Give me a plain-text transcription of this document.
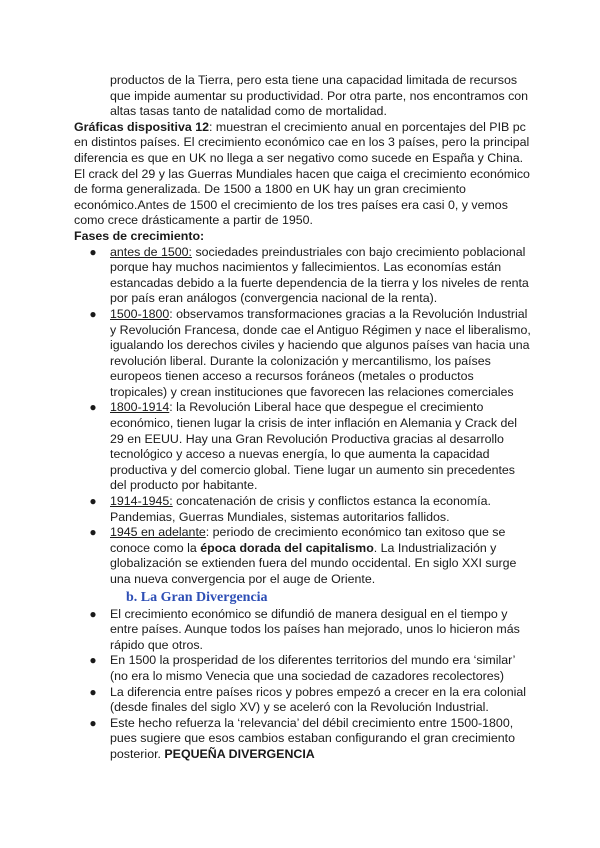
productos de la Tierra, pero esta tiene una capacidad limitada de recursos que impide aumentar su productividad. Por otra parte, nos encontramos con altas tasas tanto de natalidad como de mortalidad.

Gráficas dispositiva 12: muestran el crecimiento anual en porcentajes del PIB pc en distintos países. El crecimiento económico cae en los 3 países, pero la principal diferencia es que en UK no llega a ser negativo como sucede en España y China. El crack del 29 y las Guerras Mundiales hacen que caiga el crecimiento económico de forma generalizada. De 1500 a 1800 en UK hay un gran crecimiento económico.Antes de 1500 el crecimiento de los tres países era casi 0, y vemos como crece drásticamente a partir de 1950.

Fases de crecimiento:

● antes de 1500: sociedades preindustriales con bajo crecimiento poblacional porque hay muchos nacimientos y fallecimientos. Las economías están estancadas debido a la fuerte dependencia de la tierra y los niveles de renta por país eran análogos (convergencia nacional de la renta).
● 1500-1800: observamos transformaciones gracias a la Revolución Industrial y Revolución Francesa, donde cae el Antiguo Régimen y nace el liberalismo, igualando los derechos civiles y haciendo que algunos países van hacia una revolución liberal. Durante la colonización y mercantilismo, los países europeos tienen acceso a recursos foráneos (metales o productos tropicales) y crean instituciones que favorecen las relaciones comerciales
● 1800-1914: la Revolución Liberal hace que despegue el crecimiento económico, tienen lugar la crisis de inter inflación en Alemania y Crack del 29 en EEUU. Hay una Gran Revolución Productiva gracias al desarrollo tecnológico y acceso a nuevas energía, lo que aumenta la capacidad productiva y del comercio global. Tiene lugar un aumento sin precedentes del producto por habitante.
● 1914-1945: concatenación de crisis y conflictos estanca la economía. Pandemias, Guerras Mundiales, sistemas autoritarios fallidos.
● 1945 en adelante: periodo de crecimiento económico tan exitoso que se conoce como la época dorada del capitalismo. La Industrialización y globalización se extienden fuera del mundo occidental. En siglo XXI surge una nueva convergencia por el auge de Oriente.
b. La Gran Divergencia
● El crecimiento económico se difundió de manera desigual en el tiempo y entre países. Aunque todos los países han mejorado, unos lo hicieron más rápido que otros.
● En 1500 la prosperidad de los diferentes territorios del mundo era ‘similar’ (no era lo mismo Venecia que una sociedad de cazadores recolectores)
● La diferencia entre países ricos y pobres empezó a crecer en la era colonial (desde finales del siglo XV) y se aceleró con la Revolución Industrial.
● Este hecho refuerza la ‘relevancia’ del débil crecimiento entre 1500-1800, pues sugiere que esos cambios estaban configurando el gran crecimiento posterior. PEQUEÑA DIVERGENCIA
